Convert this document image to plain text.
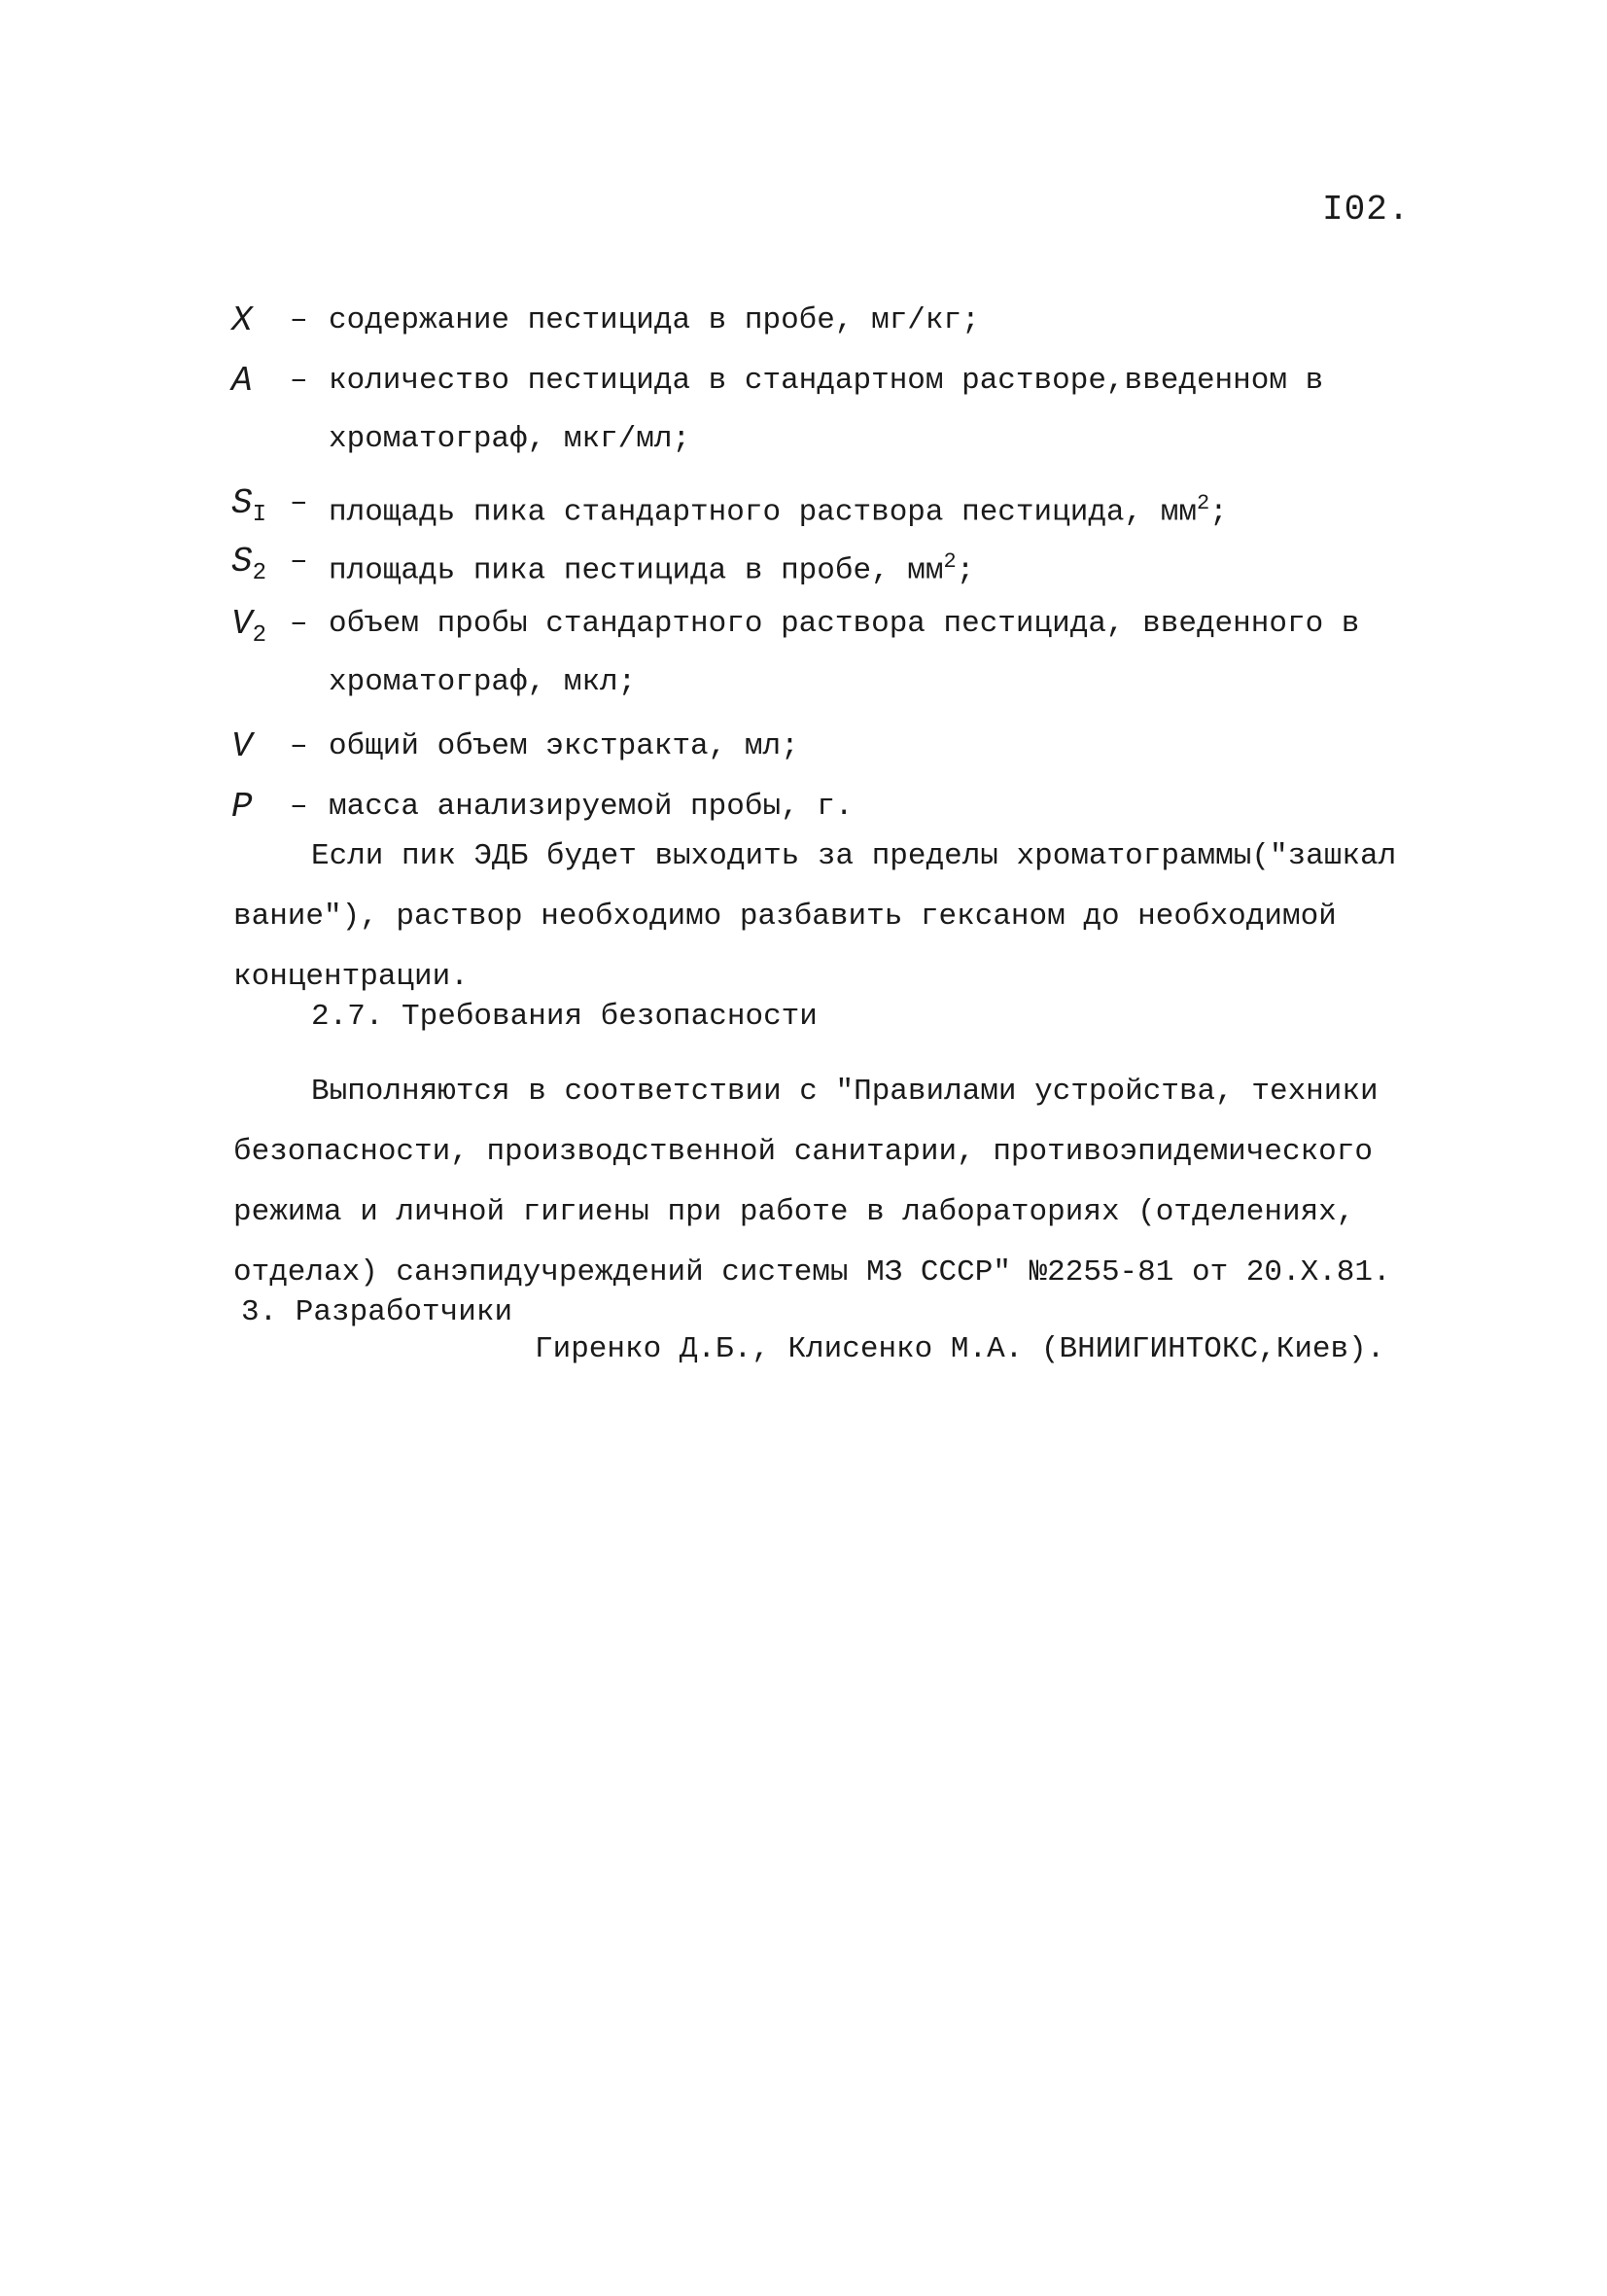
I02.
X	– содержание пестицида в пробе, мг/кг;
А	– количество пестицида в стандартном растворе,введенном в
хроматограф, мкг/мл;
$S_I$ – площадь пика стандартного раствора пестицида, $мм^2$;
$S_2$ – площадь пика пестицида в пробе, $мм^2$;
$V_2$ – объем пробы стандартного раствора пестицида, введенного в
хроматограф, мкл;
V	– общий объем экстракта, мл;
P	– масса анализируемой пробы, г.
Если пик ЭДБ будет выходить за пределы хроматограммы("зашкал
вание"), раствор необходимо разбавить гексаном до необходимой
концентрации.
2.7. Требования безопасности
Выполняются в соответствии с "Правилами устройства, техники
безопасности, производственной санитарии, противоэпидемического
режима и личной гигиены при работе в лабораториях (отделениях,
отделах) санэпидучреждений системы МЗ СССР" №2255-81 от 20.X.81.
3. Разработчики
Гиренко Д.Б., Клисенко М.А. (ВНИИГИНТОКС,Киев).
